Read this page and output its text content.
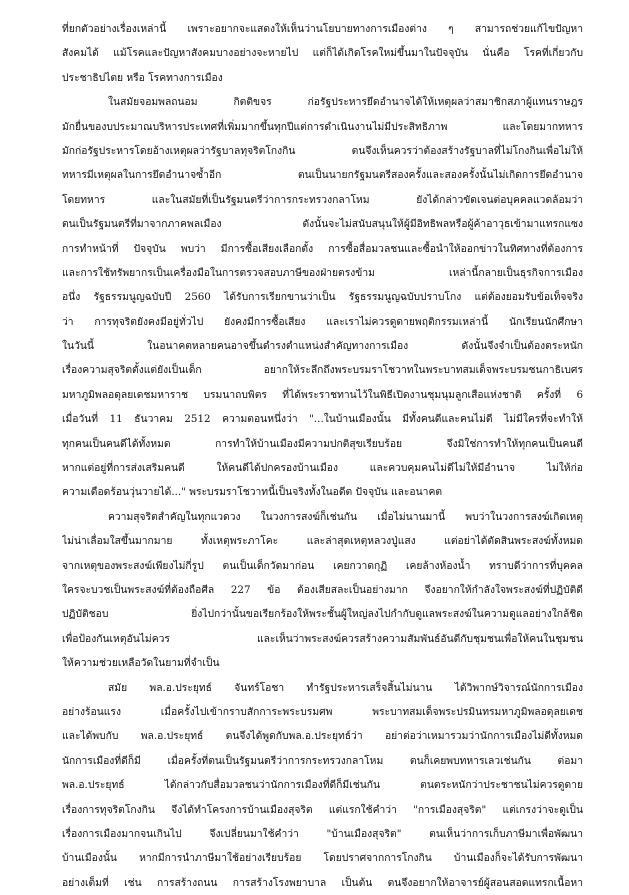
ที่ยกตัวอย่างเรื่องเหล่านี้ เพราะอยากจะแสดงให้เห็นว่านโยบายทางการเมืองต่าง ๆ สามารถช่วยแก้ไขปัญหา
สังคมได้ แม้โรคและปัญหาสังคมบางอย่างจะหายไป แต่ก็ได้เกิดโรคใหม่ขึ้นมาในปัจจุบัน นั่นคือ โรคที่เกี่ยวกับ
ประชาธิปไตย หรือ โรคทางการเมือง
ในสมัยจอมพลถนอม กิตติขจร ก่อรัฐประหารยึดอำนาจได้ให้เหตุผลว่าสมาชิกสภาผู้แทนราษฎร
มักยื่นของบประมาณบริหารประเทศที่เพิ่มมากขึ้นทุกปีแต่การดำเนินงานไม่มีประสิทธิภาพ และโดยมากทหาร
มักก่อรัฐประหารโดยอ้างเหตุผลว่ารัฐบาลทุจริตโกงกิน ตนจึงเห็นควรว่าต้องสร้างรัฐบาลที่ไม่โกงกินเพื่อไม่ให้
ทหารมีเหตุผลในการยึดอำนาจซ้ำอีก ตนเป็นนายกรัฐมนตรีสองครั้งและสองครั้งนั้นไม่เกิดการยึดอำนาจ
โดยทหาร และในสมัยที่เป็นรัฐมนตรีว่าการกระทรวงกลาโหม ยังได้กล่าวขัดเจนต่อบุคคลแวดล้อมว่า
ตนเป็นรัฐมนตรีที่มาจากภาคพลเมือง ดังนั้นจะไม่สนับสนุนให้ผู้มีอิทธิพลหรือผู้ค้าอาวุธเข้ามาแทรกแซง
การทำหน้าที่ ปัจจุบัน พบว่า มีการซื้อเสียงเลือกตั้ง การซื้อสื่อมวลชนและซื้อนำให้ออกข่าวในทิศทางที่ต้องการ
และการใช้ทรัพยากรเป็นเครื่องมือในการตรวจสอบภาษีของฝ่ายตรงข้าม เหล่านี้กลายเป็นธุรกิจการเมือง
อนึ่ง รัฐธรรมนูญฉบับปี 2560 ได้รับการเรียกขานว่าเป็น รัฐธรรมนูญฉบับปราบโกง แต่ต้องยอมรับข้อเท็จจริง
ว่า การทุจริตยังคงมีอยู่ทั่วไป ยังคงมีการซื้อเสียง และเราไม่ควรดูดายพฤติกรรมเหล่านี้ นักเรียนนักศึกษา
ในวันนี้ ในอนาคตหลายคนอาจขึ้นดำรงตำแหน่งสำคัญทางการเมือง ดังนั้นจึงจำเป็นต้องตระหนัก
เรื่องความสุจริตตั้งแต่ยังเป็นเด็ก อยากให้ระลึกถึงพระบรมราโชวาทในพระบาทสมเด็จพระบรมชนกาธิเบศร
มหาภูมิพลอดุลยเดชมหาราช บรมนาถบพิตร ที่ได้พระราชทานไว้ในพิธีเปิดงานชุมนุมลูกเสือแห่งชาติ ครั้งที่ 6
เมื่อวันที่ 11 ธันวาคม 2512 ความตอนหนึ่งว่า "...ในบ้านเมืองนั้น มีทั้งคนดีและคนไม่ดี ไม่มีใครที่จะทำให้
ทุกคนเป็นคนดีได้ทั้งหมด การทำให้บ้านเมืองมีความปกติสุขเรียบร้อย จึงมิใช่การทำให้ทุกคนเป็นคนดี
หากแต่อยู่ที่การส่งเสริมคนดี ให้คนดีได้ปกครองบ้านเมือง และควบคุมคนไม่ดีไม่ให้มีอำนาจ ไม่ให้ก่อ
ความเดือดร้อนวุ่นวายได้..." พระบรมราโชวาทนี้เป็นจริงทั้งในอดีต ปัจจุบัน และอนาคต
ความสุจริตสำคัญในทุกแวดวง ในวงการสงฆ์ก็เช่นกัน เมื่อไม่นานมานี้ พบว่าในวงการสงฆ์เกิดเหตุ
ไม่น่าเลื่อมใสขึ้นมากมาย ทั้งเหตุพระภาโคะ และล่าสุดเหตุหลวงปู่แสง แต่อย่าได้ตัดสินพระสงฆ์ทั้งหมด
จากเหตุของพระสงฆ์เพียงไม่กี่รูป ตนเป็นเด็กวัดมาก่อน เคยกวาดกุฏิ เคยล้างห้องน้ำ ทราบดีว่าการที่บุคคล
ใครจะบวชเป็นพระสงฆ์ที่ต้องถือศีล 227 ข้อ ต้องเสียสละเป็นอย่างมาก จึงอยากให้กำลังใจพระสงฆ์ที่ปฏิบัติดี
ปฏิบัติชอบ ยิ่งไปกว่านั้นขอเรียกร้องให้พระชั้นผู้ใหญ่ลงไปกำกับดูแลพระสงฆ์ในความดูแลอย่างใกล้ชิด
เพื่อป้องกันเหตุอันไม่ควร และเห็นว่าพระสงฆ์ควรสร้างความสัมพันธ์อันดีกับชุมชนเพื่อให้คนในชุมชน
ให้ความช่วยเหลือวัดในยามที่จำเป็น
สมัย พล.อ.ประยุทธ์ จันทร์โอชา ทำรัฐประหารเสร็จสิ้นไม่นาน ได้วิพากษ์วิจารณ์นักการเมือง
อย่างร้อนแรง เมื่อครั้งไปเข้ากราบสักการะพระบรมศพ พระบาทสมเด็จพระปรมินทรมหาภูมิพลอดุลยเดช
และได้พบกับ พล.อ.ประยุทธ์ ตนจึงได้พูดกับพล.อ.ประยุทธ์ว่า อย่าต่อว่าเหมารวมว่านักการเมืองไม่ดีทั้งหมด
นักการเมืองที่ดีก็มี เมื่อครั้งที่ตนเป็นรัฐมนตรีว่าการกระทรวงกลาโหม ตนก็เคยพบทหารเลวเช่นกัน ต่อมา
พล.อ.ประยุทธ์ ได้กล่าวกับสื่อมวลชนว่านักการเมืองที่ดีก็มีเช่นกัน ตนตระหนักว่าประชาชนไม่ควรดูดาย
เรื่องการทุจริตโกงกิน จึงได้ทำโครงการบ้านเมืองสุจริต แต่แรกใช้คำว่า "การเมืองสุจริต" แต่เกรงว่าจะดูเป็น
เรื่องการเมืองมากจนเกินไป จึงเปลี่ยนมาใช้คำว่า "บ้านเมืองสุจริต" ตนเห็นว่าการเก็บภาษีมาเพื่อพัฒนา
บ้านเมืองนั้น หากมีการนำภาษีมาใช้อย่างเรียบร้อย โดยปราศจากการโกงกิน บ้านเมืองก็จะได้รับการพัฒนา
อย่างเต็มที่ เช่น การสร้างถนน การสร้างโรงพยาบาล เป็นต้น ตนจึงอยากให้อาจารย์ผู้สอนสอดแทรกเนื้อหา
